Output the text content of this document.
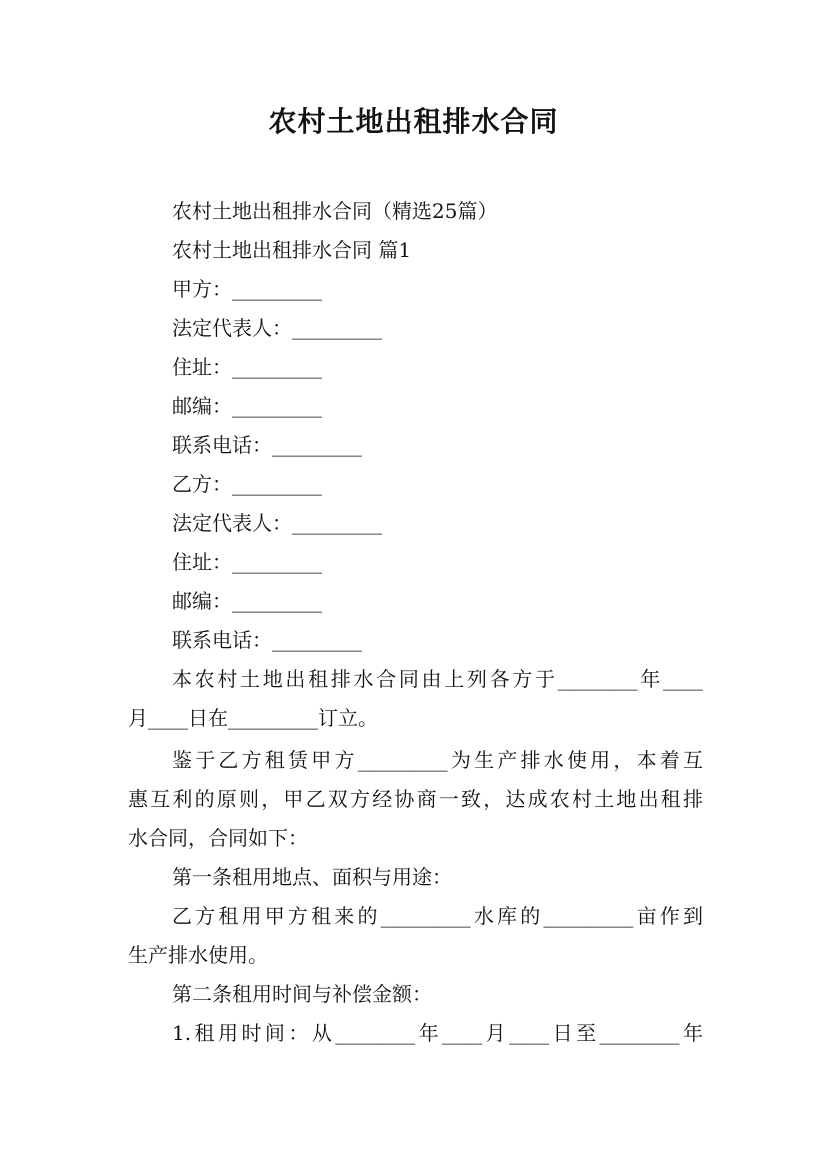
农村土地出租排水合同
农村土地出租排水合同（精选25篇）
农村土地出租排水合同 篇1
甲方：_________
法定代表人：_________
住址：_________
邮编：_________
联系电话：_________
乙方：_________
法定代表人：_________
住址：_________
邮编：_________
联系电话：_________
本农村土地出租排水合同由上列各方于________年____
月____日在_________订立。
鉴于乙方租赁甲方_________为生产排水使用，本着互
惠互利的原则，甲乙双方经协商一致，达成农村土地出租排
水合同，合同如下：
第一条租用地点、面积与用途：
乙方租用甲方租来的_________水库的_________亩作到
生产排水使用。
第二条租用时间与补偿金额：
1.租用时间：从________年____月____日至________年
